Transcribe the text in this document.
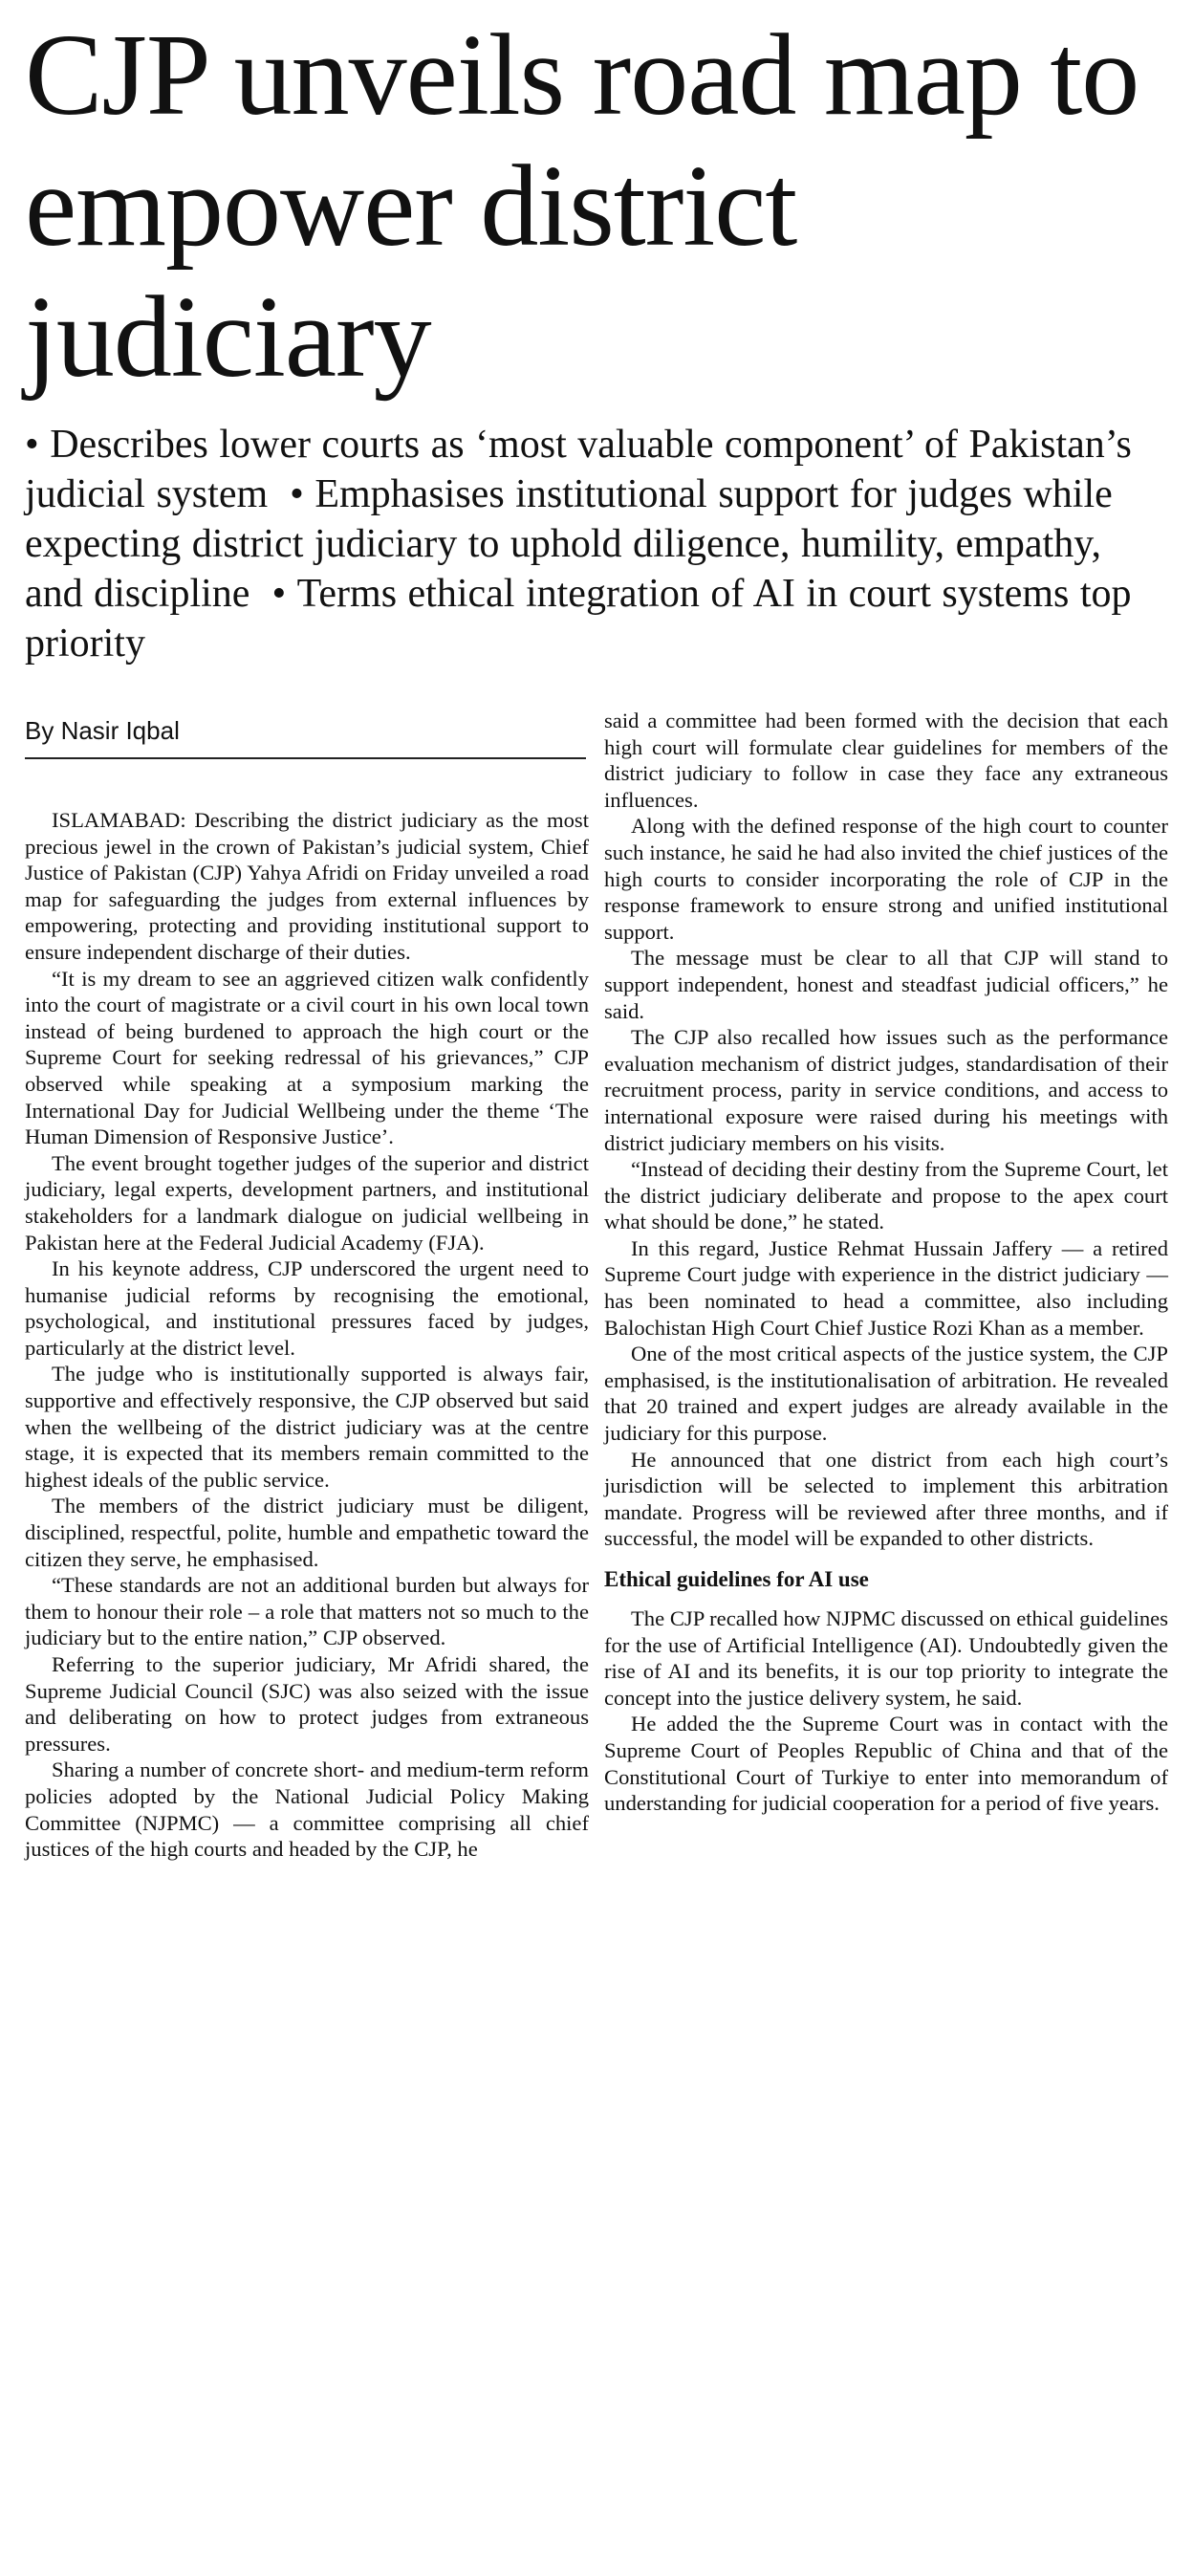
CJP unveils road map to empower district judiciary
• Describes lower courts as ‘most valuable component’ of Pakistan’s judicial system • Emphasises institutional support for judges while expecting district judiciary to uphold diligence, humility, empathy, and discipline • Terms ethical integration of AI in court systems top priority
By Nasir Iqbal

ISLAMABAD: Describing the district judiciary as the most precious jewel in the crown of Pakistan’s judicial system, Chief Justice of Pakistan (CJP) Yahya Afridi on Friday unveiled a road map for safeguarding the judges from external influences by empowering, protecting and providing institutional support to ensure independent discharge of their duties.

“It is my dream to see an aggrieved citizen walk confidently into the court of magistrate or a civil court in his own local town instead of being burdened to approach the high court or the Supreme Court for seeking redressal of his grievances,” CJP observed while speaking at a symposium marking the International Day for Judicial Wellbeing under the theme ‘The Human Dimension of Responsive Justice’.

The event brought together judges of the superior and district judiciary, legal experts, development partners, and institutional stakeholders for a landmark dialogue on judicial wellbeing in Pakistan here at the Federal Judicial Academy (FJA).

In his keynote address, CJP underscored the urgent need to humanise judicial reforms by recognising the emotional, psychological, and institutional pressures faced by judges, particularly at the district level.

The judge who is institutionally supported is always fair, supportive and effectively responsive, the CJP observed but said when the wellbeing of the district judiciary was at the centre stage, it is expected that its members remain committed to the highest ideals of the public service.

The members of the district judiciary must be diligent, disciplined, respectful, polite, humble and empathetic toward the citizen they serve, he emphasised.

“These standards are not an additional burden but always for them to honour their role – a role that matters not so much to the judiciary but to the entire nation,” CJP observed.

Referring to the superior judiciary, Mr Afridi shared, the Supreme Judicial Council (SJC) was also seized with the issue and deliberating on how to protect judges from extraneous pressures.

Sharing a number of concrete short- and medium-term reform policies adopted by the National Judicial Policy Making Committee (NJPMC) — a committee comprising all chief justices of the high courts and headed by the CJP, he

said a committee had been formed with the decision that each high court will formulate clear guidelines for members of the district judiciary to follow in case they face any extraneous influences.

Along with the defined response of the high court to counter such instance, he said he had also invited the chief justices of the high courts to consider incorporating the role of CJP in the response framework to ensure strong and unified institutional support.

The message must be clear to all that CJP will stand to support independent, honest and steadfast judicial officers,” he said.

The CJP also recalled how issues such as the performance evaluation mechanism of district judges, standardisation of their recruitment process, parity in service conditions, and access to international exposure were raised during his meetings with district judiciary members on his visits.

“Instead of deciding their destiny from the Supreme Court, let the district judiciary deliberate and propose to the apex court what should be done,” he stated.

In this regard, Justice Rehmat Hussain Jaffery — a retired Supreme Court judge with experience in the district judiciary — has been nominated to head a committee, also including Balochistan High Court Chief Justice Rozi Khan as a member.

One of the most critical aspects of the justice system, the CJP emphasised, is the institutionalisation of arbitration. He revealed that 20 trained and expert judges are already available in the judiciary for this purpose.

He announced that one district from each high court’s jurisdiction will be selected to implement this arbitration mandate. Progress will be reviewed after three months, and if successful, the model will be expanded to other districts.

Ethical guidelines for AI use

The CJP recalled how NJPMC discussed on ethical guidelines for the use of Artificial Intelligence (AI). Undoubtedly given the rise of AI and its benefits, it is our top priority to integrate the concept into the justice delivery system, he said.

He added the the Supreme Court was in contact with the Supreme Court of Peoples Republic of China and that of the Constitutional Court of Turkiye to enter into memorandum of understanding for judicial cooperation for a period of five years.
